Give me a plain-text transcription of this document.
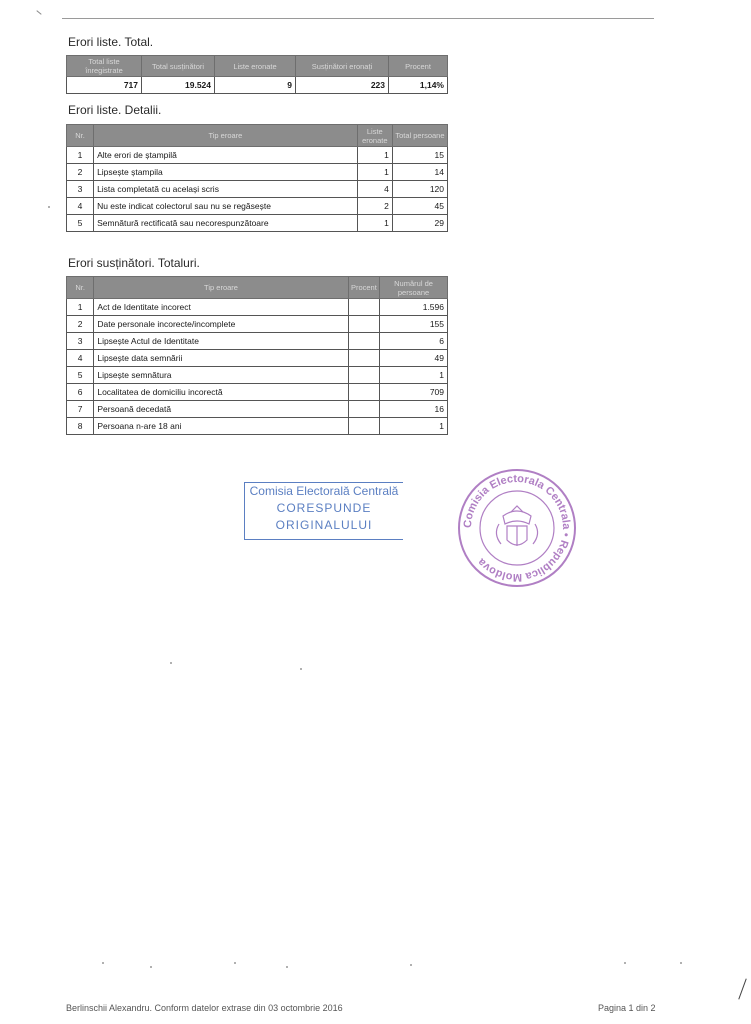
Erori liste. Total.
Total liste înregistrate	Total susținători	Liste eronate	Susținători eronați	Procent
717	19.524	9	223	1,14%
Erori liste. Detalii.
Nr.	Tip eroare	Liste eronate	Total persoane
1	Alte erori de ștampilă	1	15
2	Lipsește ștampila	1	14
3	Lista completată cu același scris	4	120
4	Nu este indicat colectorul sau nu se regăsește	2	45
5	Semnătură rectificată sau necorespunzătoare	1	29
Erori susținători. Totaluri.
Nr.	Tip eroare	Procent	Numărul de persoane
1	Act de Identitate incorect		1.596
2	Date personale incorecte/incomplete		155
3	Lipsește Actul de Identitate		6
4	Lipsește data semnării		49
5	Lipsește semnătura		1
6	Localitatea de domiciliu incorectă		709
7	Persoană decedată		16
8	Persoana n-are 18 ani		1
Comisia Electorală Centrală
CORESPUNDE
ORIGINALULUI	Comisia Electorala Centrala • Republica Moldova
Berlinschii Alexandru. Conform datelor extrase din 03 octombrie 2016	Pagina 1 din 2
